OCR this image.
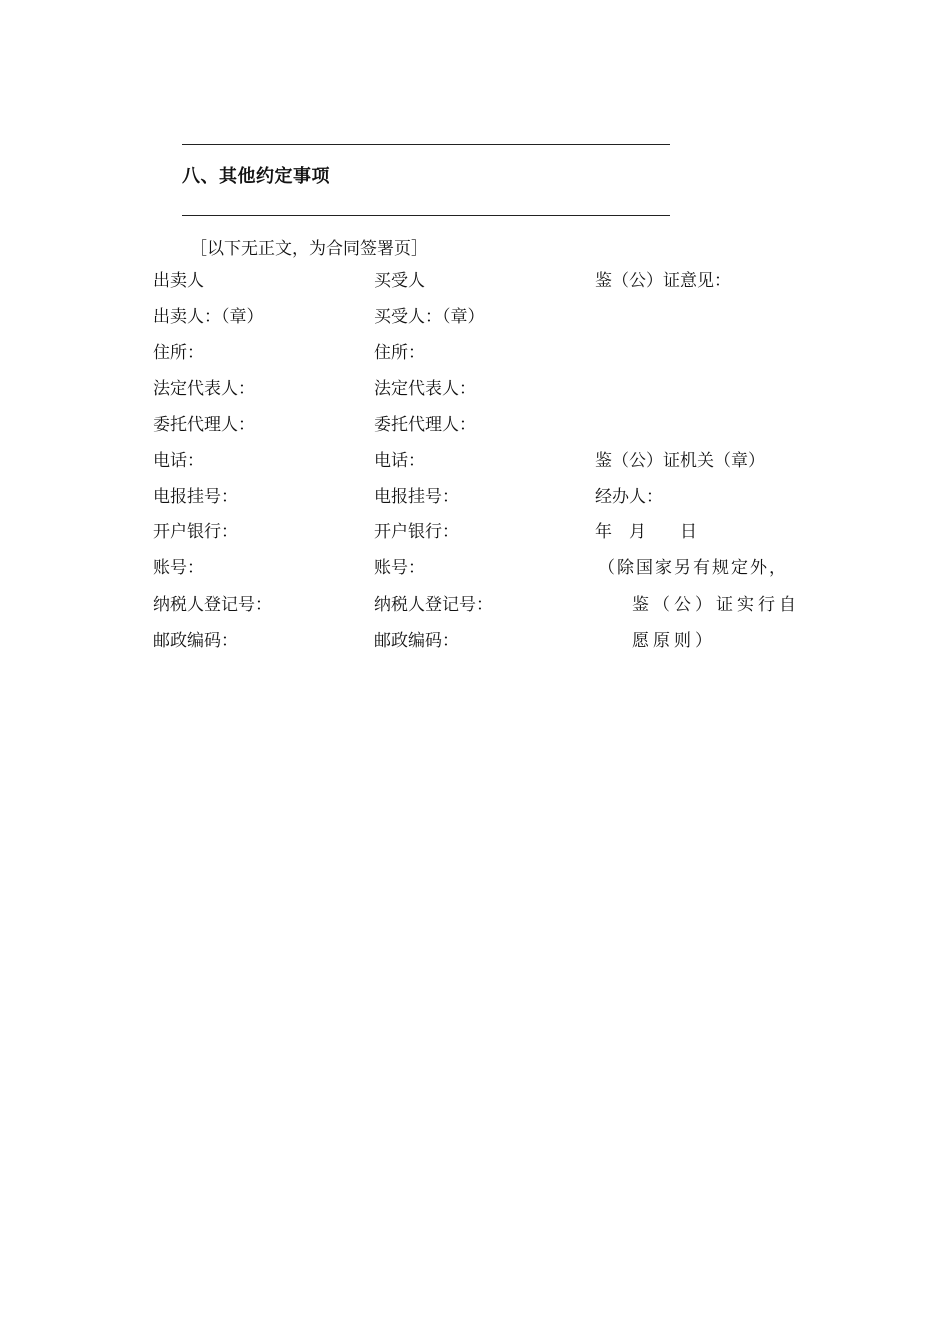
八、其他约定事项
［以下无正文，为合同签署页］
出卖人
出卖人：（章）
住所：
法定代表人：
委托代理人：
电话：
电报挂号：
开户银行：
账号：
纳税人登记号：
邮政编码：
买受人
买受人：（章）
住所：
法定代表人：
委托代理人：
电话：
电报挂号：
开户银行：
账号：
纳税人登记号：
邮政编码：
鉴（公）证意见：
鉴（公）证机关（章）
经办人：
年　月　　日
（除国家另有规定外，
鉴（公）证实行自
愿原则）
